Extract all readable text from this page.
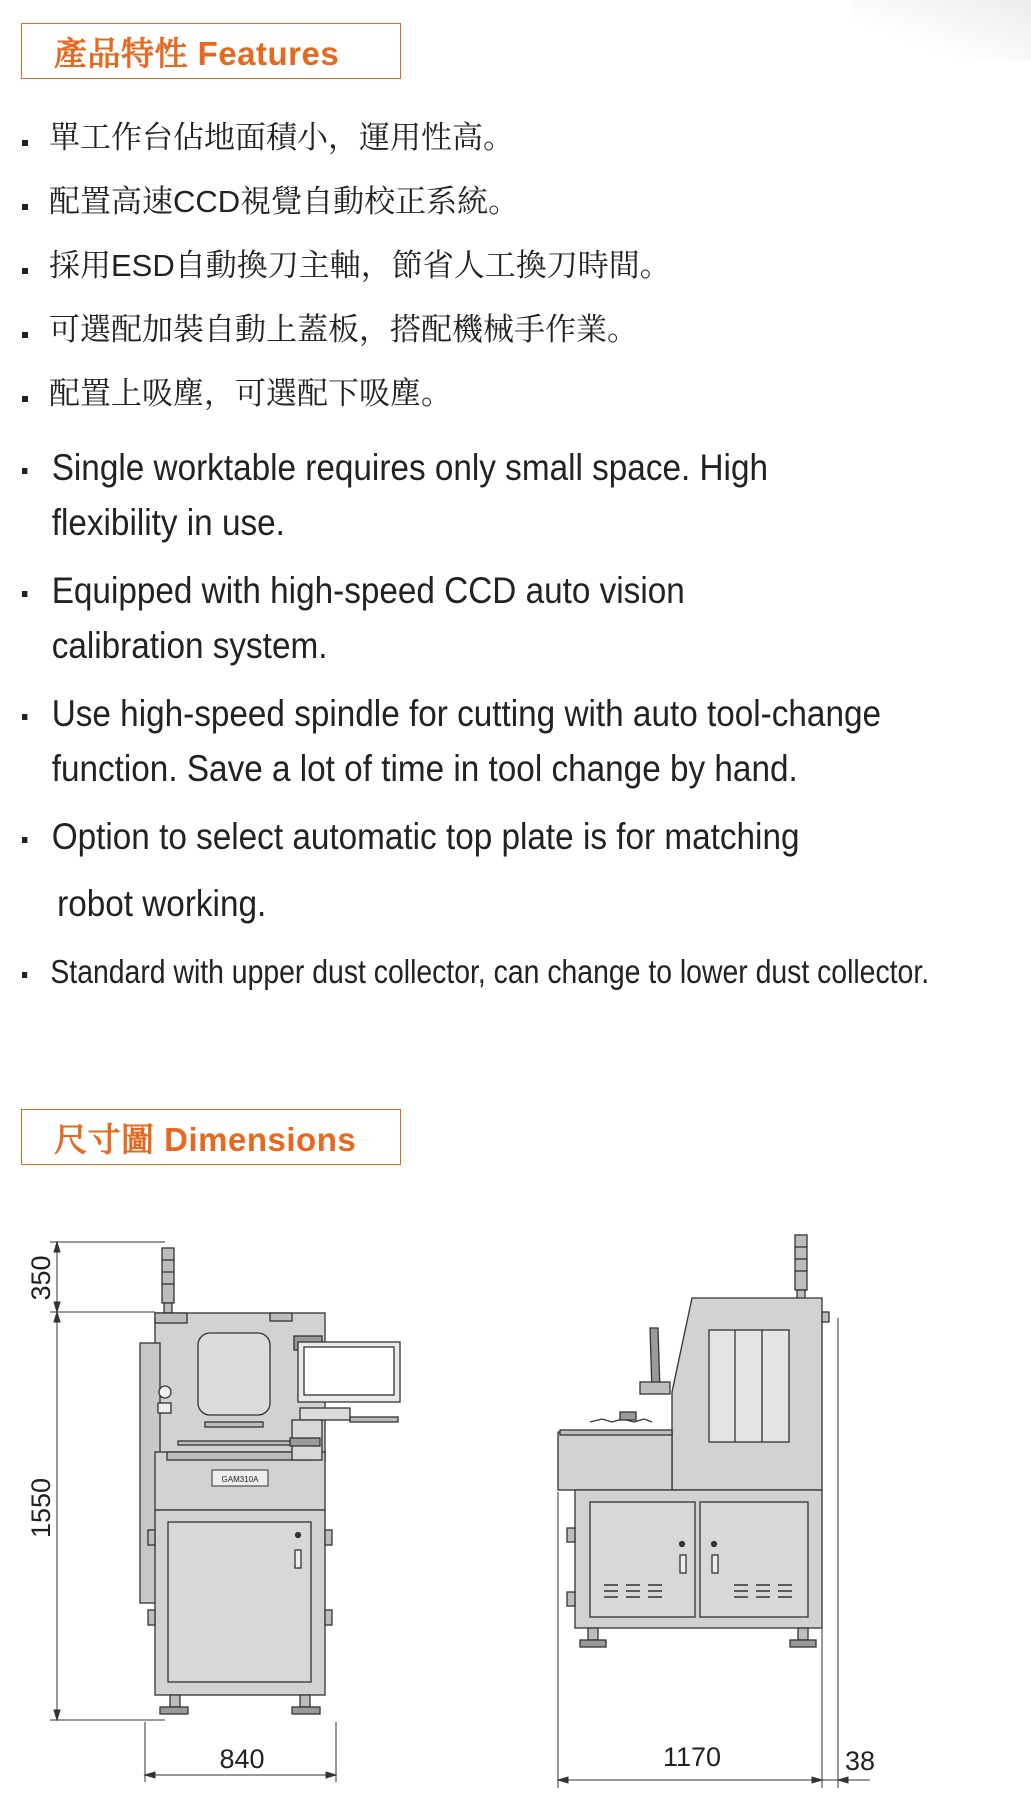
產品特性 Features
單工作台佔地面積小，運用性高。
配置高速CCD視覺自動校正系統。
採用ESD自動換刀主軸，節省人工換刀時間。
可選配加裝自動上蓋板，搭配機械手作業。
配置上吸塵，可選配下吸塵。
Single worktable requires only small space. High
flexibility in use.
Equipped with high-speed CCD auto vision
calibration system.
Use high-speed spindle for cutting with auto tool-change
function. Save a lot of time in tool change by hand.
Option to select automatic top plate is for matching
robot working.
Standard with upper dust collector, can change to lower dust collector.
尺寸圖 Dimensions
GAM310A
350
1550
840	1170	38
